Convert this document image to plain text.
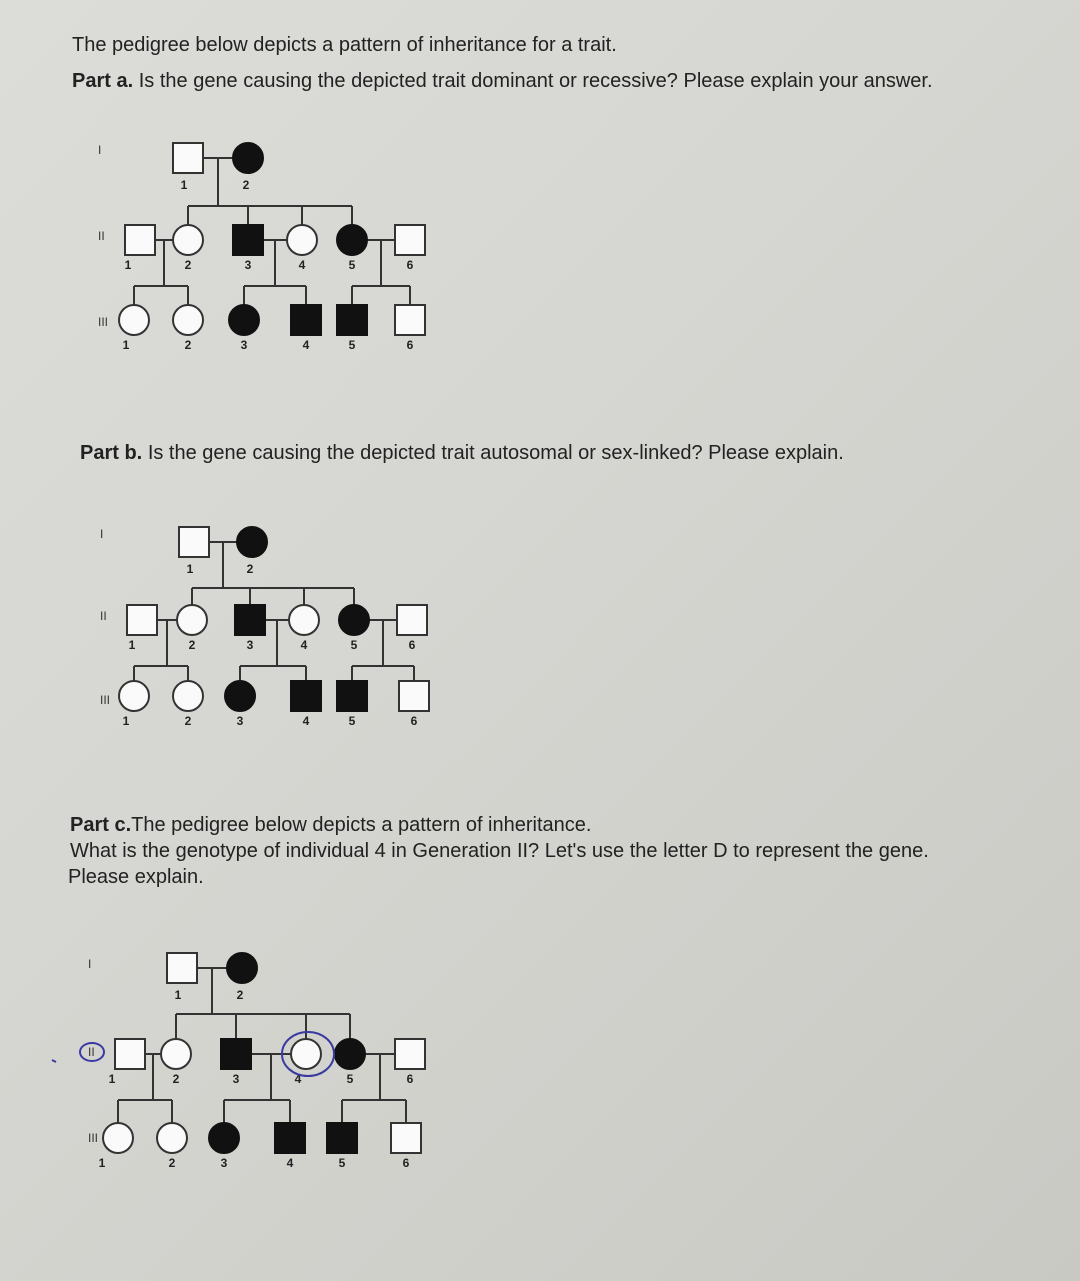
The pedigree below depicts a pattern of inheritance for a trait.
Part a. Is the gene causing the depicted trait dominant or recessive? Please explain your answer.
I
II
III
1	2
1	2	3	4	5	6
1	2	3	4	5	6
Part b. Is the gene causing the depicted trait autosomal or sex-linked? Please explain.
I
II
III
1	2
1	2	3	4	5	6
1	2	3	4	5	6
Part c.The pedigree below depicts a pattern of inheritance.
What is the genotype of individual 4 in Generation II? Let's use the letter D to represent the gene.
Please explain.
I
II
III
1	2
1	2	3	4	5	6
1	2	3	4	5	6
